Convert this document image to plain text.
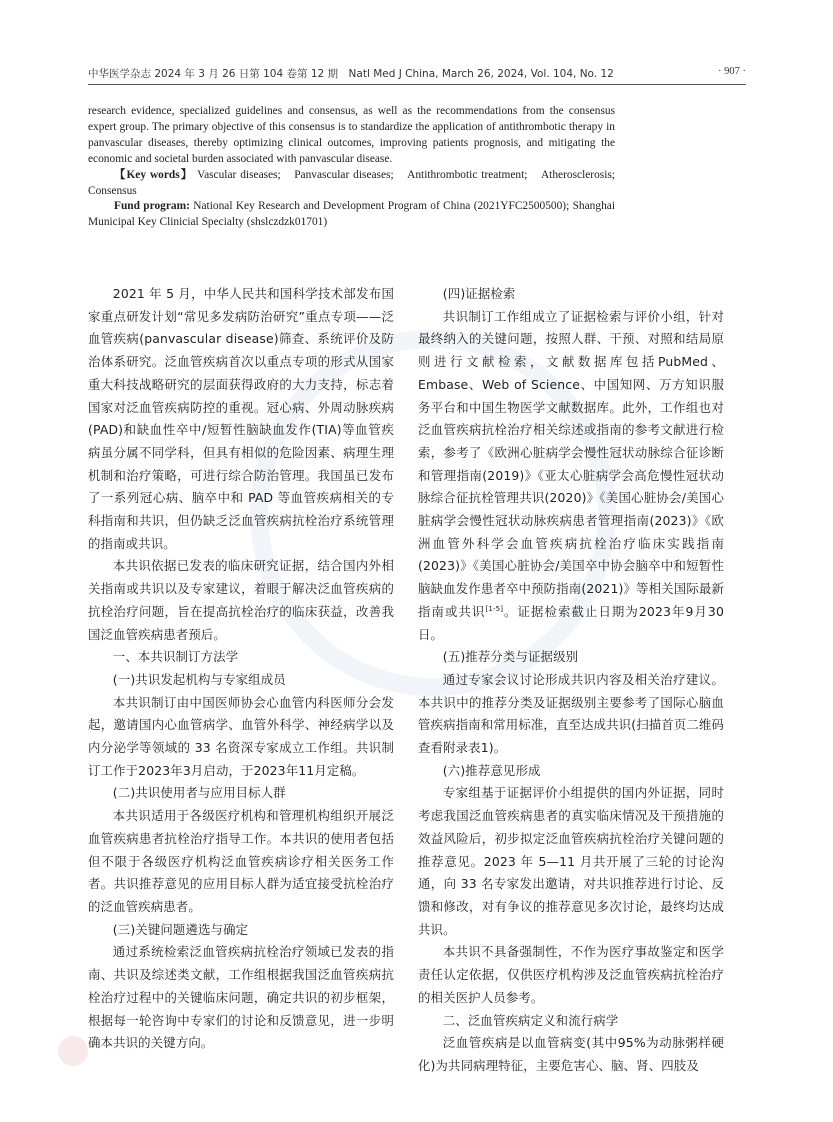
中华医学杂志 2024 年 3 月 26 日第 104 卷第 12 期　Natl Med J China, March 26, 2024, Vol. 104, No. 12	· 907 ·

research evidence, specialized guidelines and consensus, as well as the recommendations from the consensus expert group. The primary objective of this consensus is to standardize the application of antithrombotic therapy in panvascular diseases, thereby optimizing clinical outcomes, improving patients prognosis, and mitigating the economic and societal burden associated with panvascular disease.

【Key words】 Vascular diseases;　Panvascular diseases;　Antithrombotic treatment;　Atherosclerosis;　Consensus

Fund program: National Key Research and Development Program of China (2021YFC2500500); Shanghai Municipal Key Clinicial Specialty (shslczdzk01701)

2021 年 5 月，中华人民共和国科学技术部发布国家重点研发计划“常见多发病防治研究”重点专项——泛血管疾病(panvascular disease)筛查、系统评价及防治体系研究。泛血管疾病首次以重点专项的形式从国家重大科技战略研究的层面获得政府的大力支持，标志着国家对泛血管疾病防控的重视。冠心病、外周动脉疾病(PAD)和缺血性卒中/短暂性脑缺血发作(TIA)等血管疾病虽分属不同学科，但具有相似的危险因素、病理生理机制和治疗策略，可进行综合防治管理。我国虽已发布了一系列冠心病、脑卒中和 PAD 等血管疾病相关的专科指南和共识，但仍缺乏泛血管疾病抗栓治疗系统管理的指南或共识。

本共识依据已发表的临床研究证据，结合国内外相关指南或共识以及专家建议，着眼于解决泛血管疾病的抗栓治疗问题，旨在提高抗栓治疗的临床获益，改善我国泛血管疾病患者预后。

一、本共识制订方法学

(一)共识发起机构与专家组成员

本共识制订由中国医师协会心血管内科医师分会发起，邀请国内心血管病学、血管外科学、神经病学以及内分泌学等领域的 33 名资深专家成立工作组。共识制订工作于2023年3月启动，于2023年11月定稿。

(二)共识使用者与应用目标人群

本共识适用于各级医疗机构和管理机构组织开展泛血管疾病患者抗栓治疗指导工作。本共识的使用者包括但不限于各级医疗机构泛血管疾病诊疗相关医务工作者。共识推荐意见的应用目标人群为适宜接受抗栓治疗的泛血管疾病患者。

(三)关键问题遴选与确定

通过系统检索泛血管疾病抗栓治疗领域已发表的指南、共识及综述类文献，工作组根据我国泛血管疾病抗栓治疗过程中的关键临床问题，确定共识的初步框架，根据每一轮咨询中专家们的讨论和反馈意见，进一步明确本共识的关键方向。

(四)证据检索

共识制订工作组成立了证据检索与评价小组，针对最终纳入的关键问题，按照人群、干预、对照和结局原则进行文献检索，文献数据库包括PubMed、Embase、Web of Science、中国知网、万方知识服务平台和中国生物医学文献数据库。此外，工作组也对泛血管疾病抗栓治疗相关综述或指南的参考文献进行检索，参考了《欧洲心脏病学会慢性冠状动脉综合征诊断和管理指南(2019)》《亚太心脏病学会高危慢性冠状动脉综合征抗栓管理共识(2020)》《美国心脏协会/美国心脏病学会慢性冠状动脉疾病患者管理指南(2023)》《欧洲血管外科学会血管疾病抗栓治疗临床实践指南(2023)》《美国心脏协会/美国卒中协会脑卒中和短暂性脑缺血发作患者卒中预防指南(2021)》等相关国际最新指南或共识[1-5]。证据检索截止日期为2023年9月30日。

(五)推荐分类与证据级别

通过专家会议讨论形成共识内容及相关治疗建议。本共识中的推荐分类及证据级别主要参考了国际心脑血管疾病指南和常用标准，直至达成共识(扫描首页二维码查看附录表1)。

(六)推荐意见形成

专家组基于证据评价小组提供的国内外证据，同时考虑我国泛血管疾病患者的真实临床情况及干预措施的效益风险后，初步拟定泛血管疾病抗栓治疗关键问题的推荐意见。2023 年 5—11 月共开展了三轮的讨论沟通，向 33 名专家发出邀请，对共识推荐进行讨论、反馈和修改，对有争议的推荐意见多次讨论，最终均达成共识。

本共识不具备强制性，不作为医疗事故鉴定和医学责任认定依据，仅供医疗机构涉及泛血管疾病抗栓治疗的相关医护人员参考。

二、泛血管疾病定义和流行病学

泛血管疾病是以血管病变(其中95%为动脉粥样硬化)为共同病理特征，主要危害心、脑、肾、四肢及
